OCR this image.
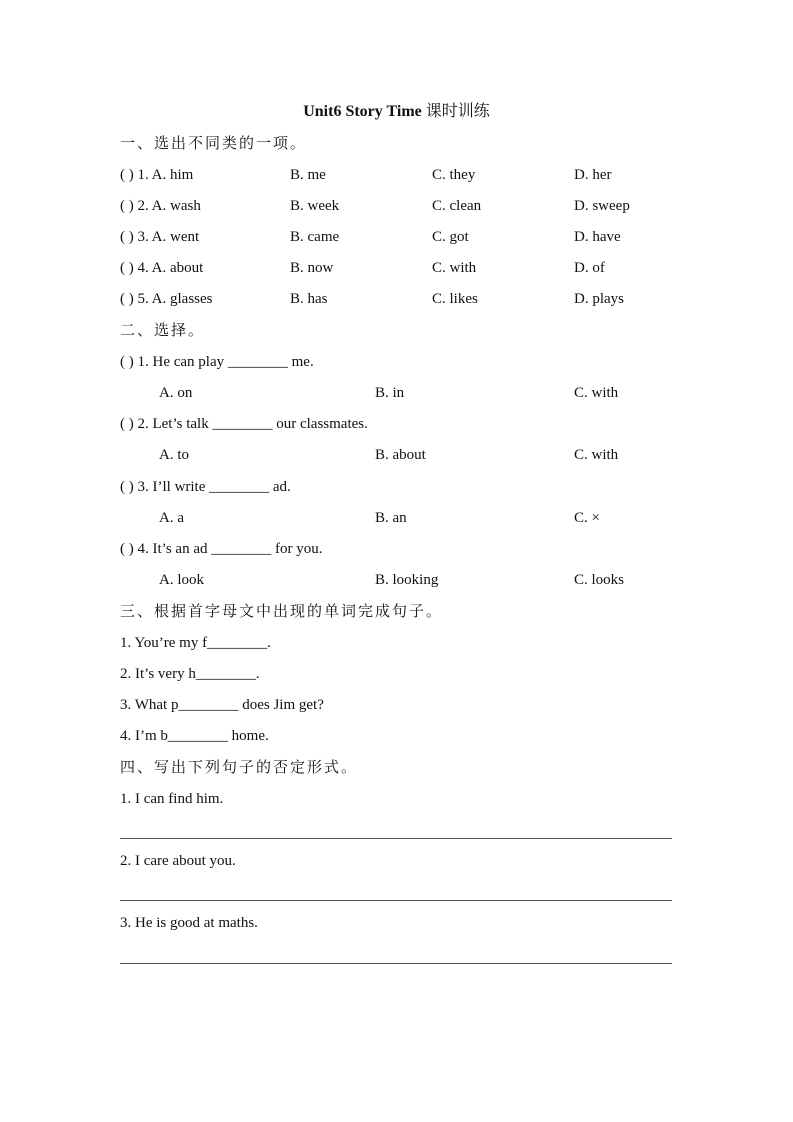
Unit6 Story Time 课时训练
一、选出不同类的一项。
( ) 1. A. him	B. me	C. they	D. her
( ) 2. A. wash	B. week	C. clean	D. sweep
( ) 3. A. went	B. came	C. got	D. have
( ) 4. A. about	B. now	C. with	D. of
( ) 5. A. glasses	B. has	C. likes	D. plays
二、选择。
( ) 1. He can play ________ me.
A. on	B. in	C. with
( ) 2. Let’s talk ________ our classmates.
A. to	B. about	C. with
( ) 3. I’ll write ________ ad.
A. a	B. an	C. ×
( ) 4. It’s an ad ________ for you.
A. look	B. looking	C. looks
三、根据首字母文中出现的单词完成句子。
1. You’re my f________.
2. It’s very h________.
3. What p________ does Jim get?
4. I’m b________ home.
四、写出下列句子的否定形式。
1. I can find him.
2. I care about you.
3. He is good at maths.
